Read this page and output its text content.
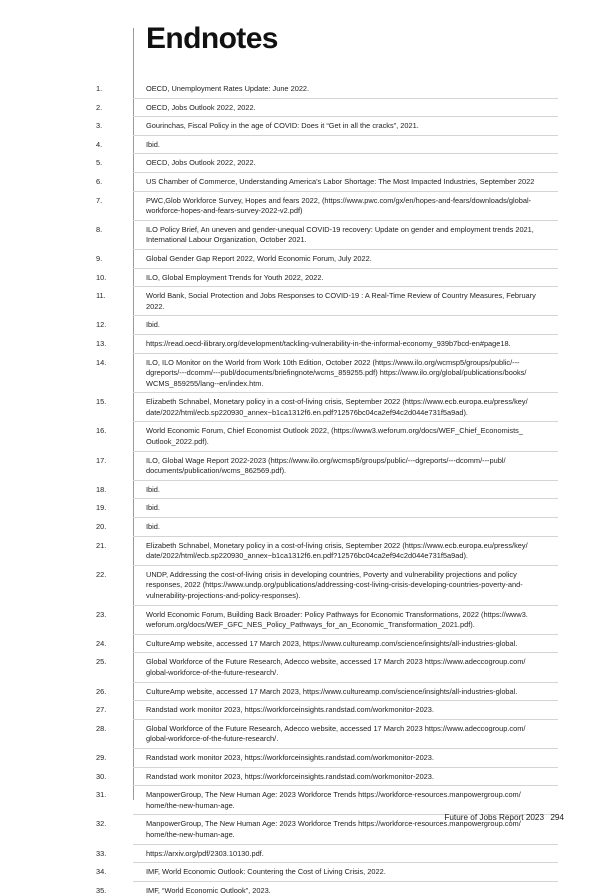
Endnotes
1.	OECD, Unemployment Rates Update: June 2022.
2.	OECD, Jobs Outlook 2022, 2022.
3.	Gourinchas, Fiscal Policy in the age of COVID: Does it “Get in all the cracks”, 2021.
4.	Ibid.
5.	OECD, Jobs Outlook 2022, 2022.
6.	US Chamber of Commerce, Understanding America’s Labor Shortage: The Most Impacted Industries, September 2022
7.	PWC,Glob Workforce Survey, Hopes and fears 2022, (https://www.pwc.com/gx/en/hopes-and-fears/downloads/global-
workforce-hopes-and-fears-survey-2022-v2.pdf)
8.	ILO Policy Brief, An uneven and gender-unequal COVID-19 recovery: Update on gender and employment trends 2021,
International Labour Organization, October 2021.
9.	Global Gender Gap Report 2022, World Economic Forum, July 2022.
10.	ILO, Global Employment Trends for Youth 2022, 2022.
11.	World Bank, Social Protection and Jobs Responses to COVID-19 : A Real-Time Review of Country Measures, February
2022.
12.	Ibid.
13.	https://read.oecd-ilibrary.org/development/tackling-vulnerability-in-the-informal-economy_939b7bcd-en#page18.
14.	ILO, ILO Monitor on the World from Work 10th Edition, October 2022 (https://www.ilo.org/wcmsp5/groups/public/---
dgreports/---dcomm/---publ/documents/briefingnote/wcms_859255.pdf) https://www.ilo.org/global/publications/books/
WCMS_859255/lang--en/index.htm.
15.	Elizabeth Schnabel, Monetary policy in a cost-of-living crisis, September 2022 (https://www.ecb.europa.eu/press/key/
date/2022/html/ecb.sp220930_annex~b1ca1312f6.en.pdf?12576bc04ca2ef94c2d044e731f5a9ad).
16.	World Economic Forum, Chief Economist Outlook 2022, (https://www3.weforum.org/docs/WEF_Chief_Economists_
Outlook_2022.pdf).
17.	ILO, Global Wage Report 2022-2023 (https://www.ilo.org/wcmsp5/groups/public/---dgreports/---dcomm/---publ/
documents/publication/wcms_862569.pdf).
18.	Ibid.
19.	Ibid.
20.	Ibid.
21.	Elizabeth Schnabel, Monetary policy in a cost-of-living crisis, September 2022 (https://www.ecb.europa.eu/press/key/
date/2022/html/ecb.sp220930_annex~b1ca1312f6.en.pdf?12576bc04ca2ef94c2d044e731f5a9ad).
22.	UNDP, Addressing the cost-of-living crisis in developing countries, Poverty and vulnerability projections and policy
responses, 2022 (https://www.undp.org/publications/addressing-cost-living-crisis-developing-countries-poverty-and-
vulnerability-projections-and-policy-responses).
23.	World Economic Forum, Building Back Broader: Policy Pathways for Economic Transformations, 2022 (https://www3.
weforum.org/docs/WEF_GFC_NES_Policy_Pathways_for_an_Economic_Transformation_2021.pdf).
24.	CultureAmp website, accessed 17 March 2023, https://www.cultureamp.com/science/insights/all-industries-global.
25.	Global Workforce of the Future Research, Adecco website, accessed 17 March 2023 https://www.adeccogroup.com/
global-workforce-of-the-future-research/.
26.	CultureAmp website, accessed 17 March 2023, https://www.cultureamp.com/science/insights/all-industries-global.
27.	Randstad work monitor 2023, https://workforceinsights.randstad.com/workmonitor-2023.
28.	Global Workforce of the Future Research, Adecco website, accessed 17 March 2023 https://www.adeccogroup.com/
global-workforce-of-the-future-research/.
29.	Randstad work monitor 2023, https://workforceinsights.randstad.com/workmonitor-2023.
30.	Randstad work monitor 2023, https://workforceinsights.randstad.com/workmonitor-2023.
31.	ManpowerGroup, The New Human Age: 2023 Workforce Trends https://workforce-resources.manpowergroup.com/
home/the-new-human-age.
32.	ManpowerGroup, The New Human Age: 2023 Workforce Trends https://workforce-resources.manpowergroup.com/
home/the-new-human-age.
33.	https://arxiv.org/pdf/2303.10130.pdf.
34.	IMF, World Economic Outlook: Countering the Cost of Living Crisis, 2022.
35.	IMF, “World Economic Outlook”, 2023.
Future of Jobs Report 2023 294
